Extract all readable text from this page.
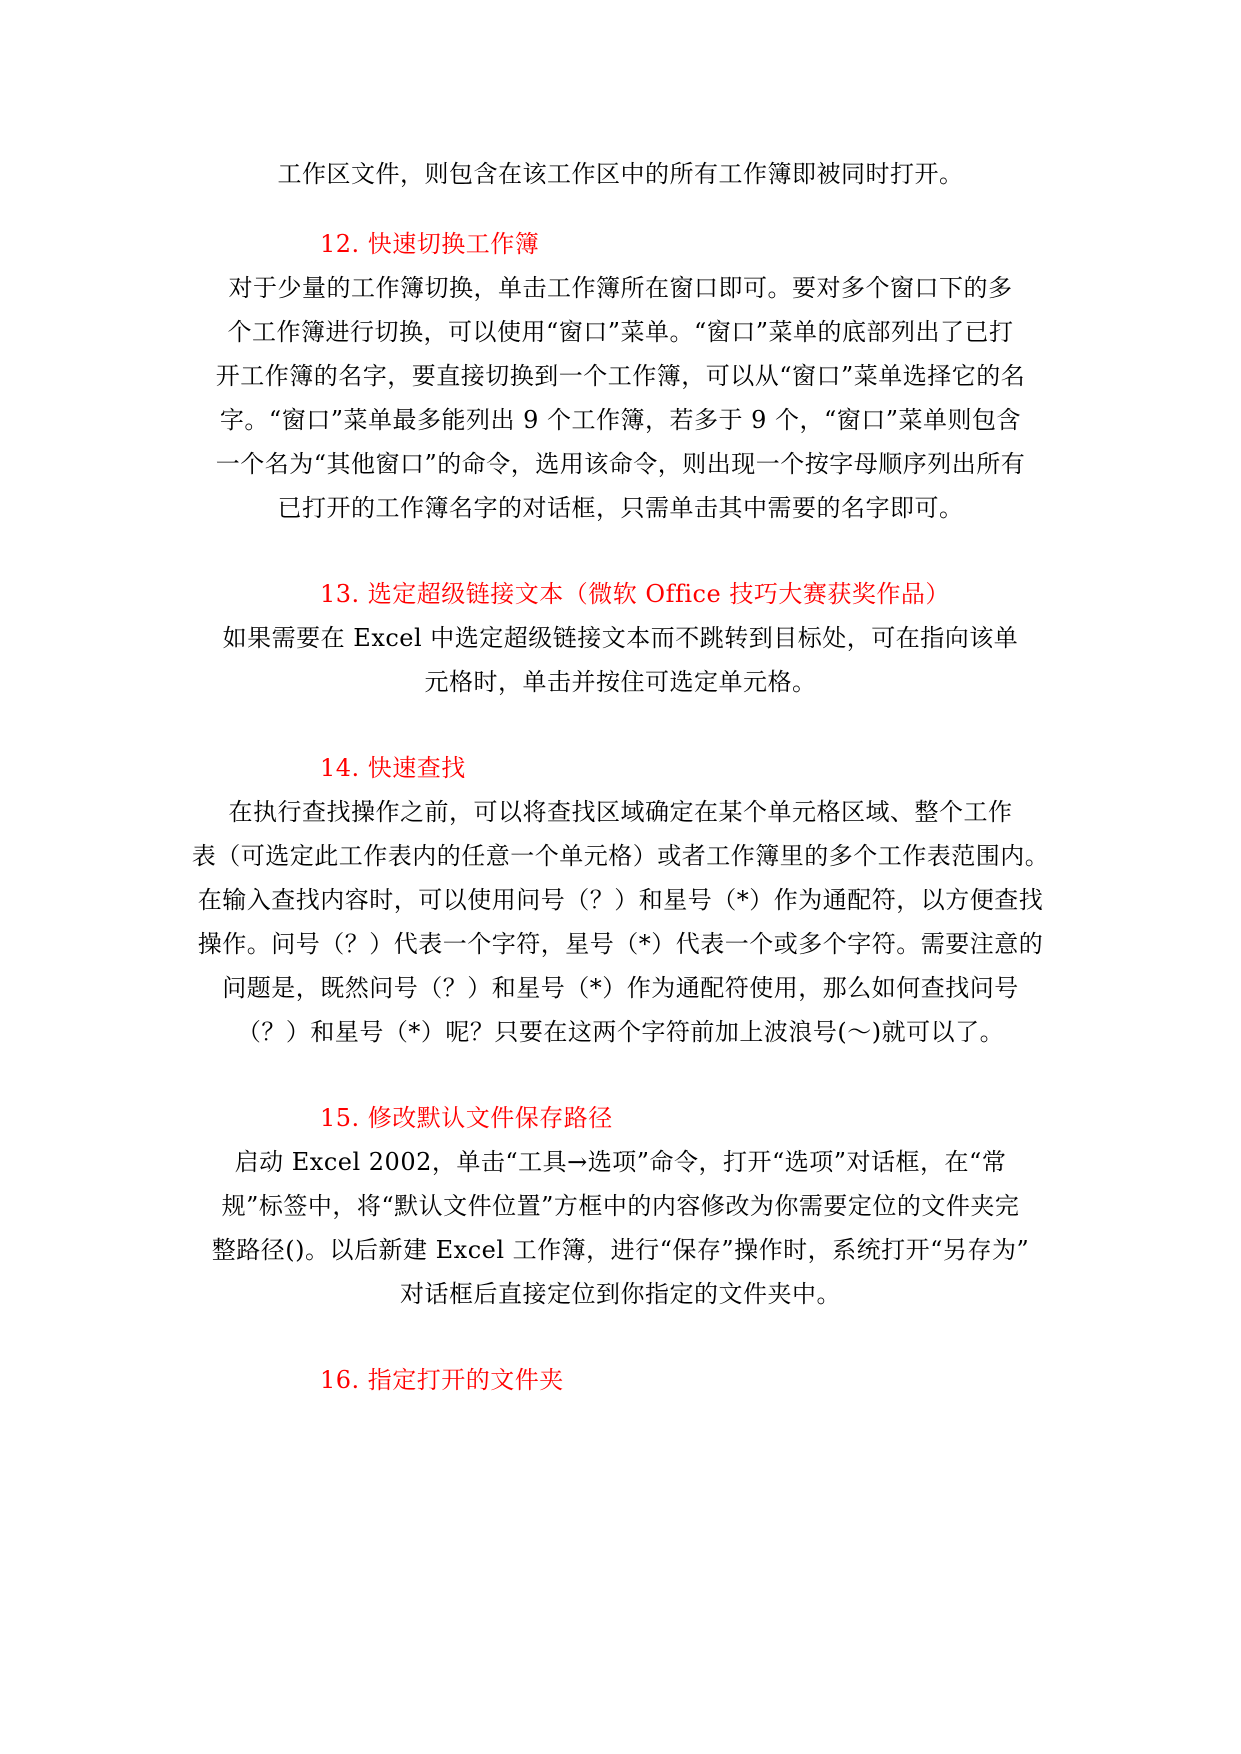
工作区文件，则包含在该工作区中的所有工作簿即被同时打开。
12. 快速切换工作簿
对于少量的工作簿切换，单击工作簿所在窗口即可。要对多个窗口下的多
个工作簿进行切换，可以使用“窗口”菜单。“窗口”菜单的底部列出了已打
开工作簿的名字，要直接切换到一个工作簿，可以从“窗口”菜单选择它的名
字。“窗口”菜单最多能列出 9 个工作簿，若多于 9 个，“窗口”菜单则包含
一个名为“其他窗口”的命令，选用该命令，则出现一个按字母顺序列出所有
已打开的工作簿名字的对话框，只需单击其中需要的名字即可。
13. 选定超级链接文本（微软 Office 技巧大赛获奖作品）
如果需要在 Excel 中选定超级链接文本而不跳转到目标处，可在指向该单
元格时，单击并按住可选定单元格。
14. 快速查找
在执行查找操作之前，可以将查找区域确定在某个单元格区域、整个工作
表（可选定此工作表内的任意一个单元格）或者工作簿里的多个工作表范围内。
在输入查找内容时，可以使用问号（？）和星号（*）作为通配符，以方便查找
操作。问号（？）代表一个字符，星号（*）代表一个或多个字符。需要注意的
问题是，既然问号（？）和星号（*）作为通配符使用，那么如何查找问号
（？）和星号（*）呢？只要在这两个字符前加上波浪号(～)就可以了。
15. 修改默认文件保存路径
启动 Excel 2002，单击“工具→选项”命令，打开“选项”对话框，在“常
规”标签中，将“默认文件位置”方框中的内容修改为你需要定位的文件夹完
整路径()。以后新建 Excel 工作簿，进行“保存”操作时，系统打开“另存为”
对话框后直接定位到你指定的文件夹中。
16. 指定打开的文件夹
